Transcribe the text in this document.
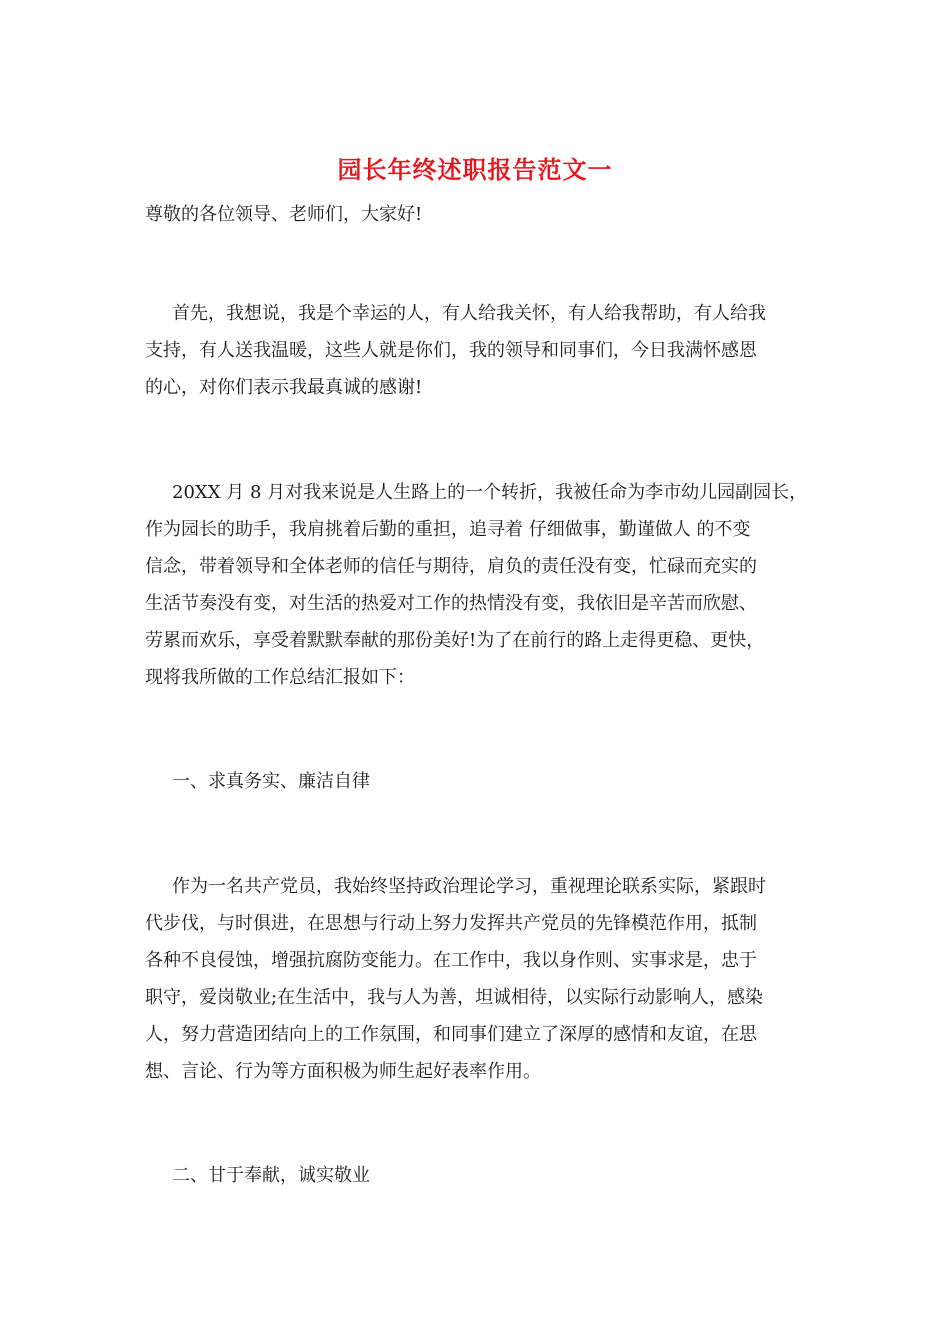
园长年终述职报告范文一

尊敬的各位领导、老师们，大家好!

首先，我想说，我是个幸运的人，有人给我关怀，有人给我帮助，有人给我

支持，有人送我温暖，这些人就是你们，我的领导和同事们，今日我满怀感恩

的心，对你们表示我最真诚的感谢!

20XX 月 8 月对我来说是人生路上的一个转折，我被任命为李市幼儿园副园长，

作为园长的助手，我肩挑着后勤的重担，追寻着 仔细做事，勤谨做人 的不变

信念，带着领导和全体老师的信任与期待，肩负的责任没有变，忙碌而充实的

生活节奏没有变，对生活的热爱对工作的热情没有变，我依旧是辛苦而欣慰、

劳累而欢乐，享受着默默奉献的那份美好!为了在前行的路上走得更稳、更快，

现将我所做的工作总结汇报如下：

一、求真务实、廉洁自律

作为一名共产党员，我始终坚持政治理论学习，重视理论联系实际，紧跟时

代步伐，与时俱进，在思想与行动上努力发挥共产党员的先锋模范作用，抵制

各种不良侵蚀，增强抗腐防变能力。在工作中，我以身作则、实事求是，忠于

职守，爱岗敬业;在生活中，我与人为善，坦诚相待，以实际行动影响人，感染

人，努力营造团结向上的工作氛围，和同事们建立了深厚的感情和友谊，在思

想、言论、行为等方面积极为师生起好表率作用。

二、甘于奉献，诚实敬业
